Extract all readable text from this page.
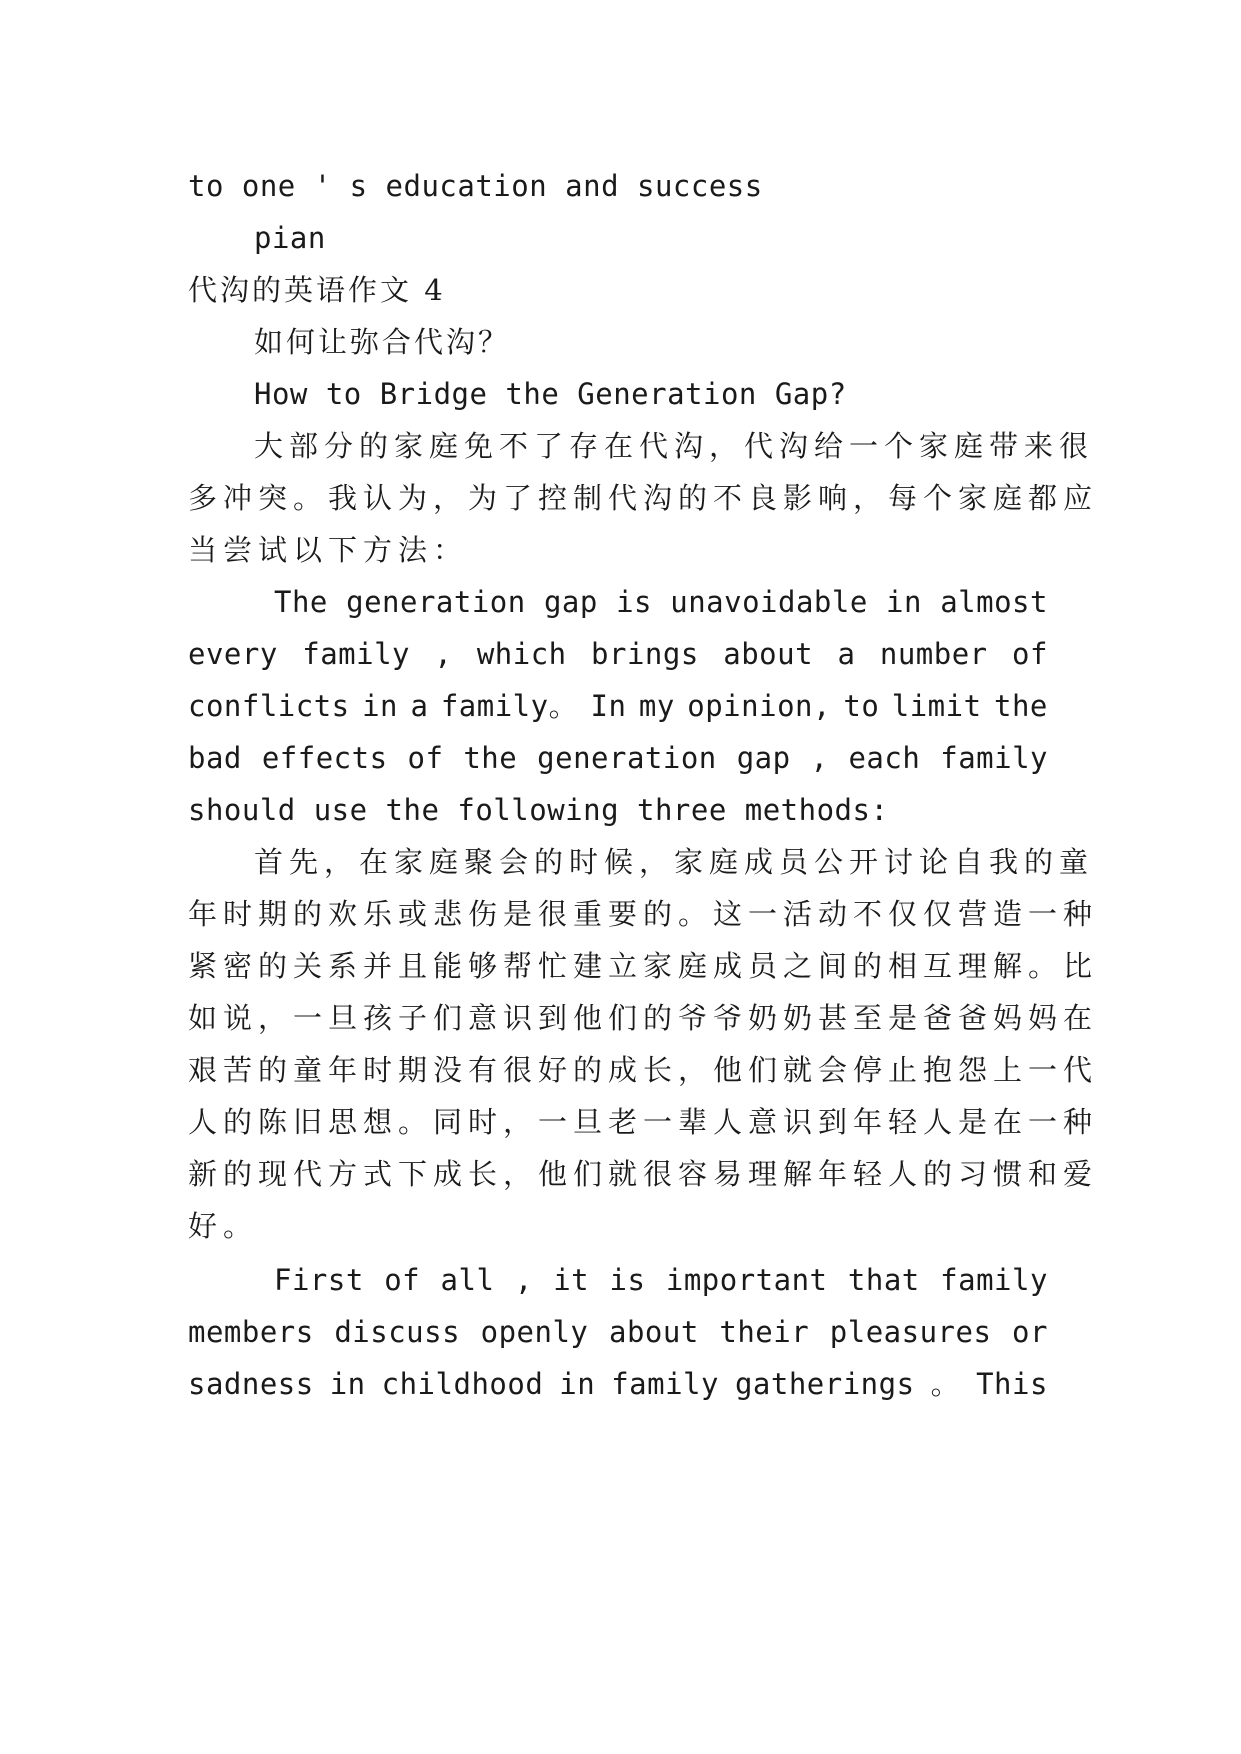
to one ' s education and success
pian
代沟的英语作文 4
如何让弥合代沟？
How to Bridge the Generation Gap?
大部分的家庭免不了存在代沟，代沟给一个家庭带来很
多冲突。我认为，为了控制代沟的不良影响，每个家庭都应
当尝试以下方法：
The generation gap is unavoidable in almost
every family , which brings about a number of
conflicts in a family。 In my opinion, to limit the
bad effects of the generation gap , each family
should use the following three methods:
首先，在家庭聚会的时候，家庭成员公开讨论自我的童
年时期的欢乐或悲伤是很重要的。这一活动不仅仅营造一种
紧密的关系并且能够帮忙建立家庭成员之间的相互理解。比
如说，一旦孩子们意识到他们的爷爷奶奶甚至是爸爸妈妈在
艰苦的童年时期没有很好的成长，他们就会停止抱怨上一代
人的陈旧思想。同时，一旦老一辈人意识到年轻人是在一种
新的现代方式下成长，他们就很容易理解年轻人的习惯和爱
好。
First of all , it is important that family
members discuss openly about their pleasures or
sadness in childhood in family gatherings 。 This
